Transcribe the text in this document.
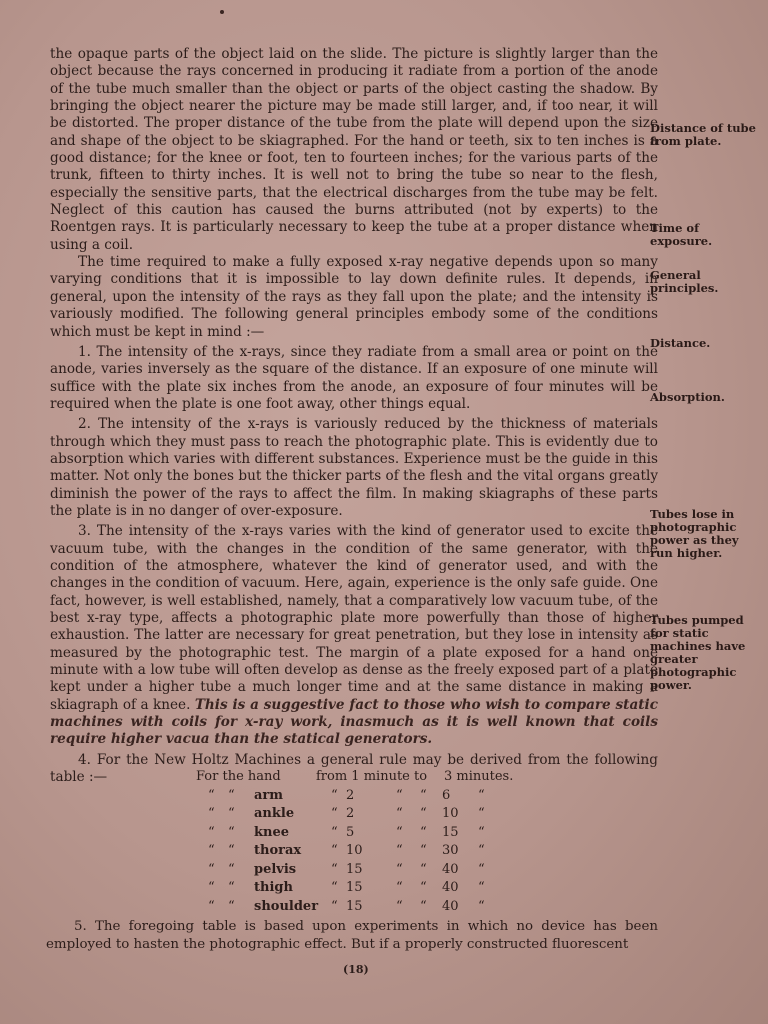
the opaque parts of the object laid on the slide. The picture is slightly larger than the object because the rays concerned in producing it radiate from a portion of the anode of the tube much smaller than the object or parts of the object casting the shadow. By bringing the object nearer the picture may be made still larger, and, if too near, it will be distorted. The proper distance of the tube from the plate will depend upon the size and shape of the object to be skiagraphed. For the hand or teeth, six to ten inches is a good distance; for the knee or foot, ten to fourteen inches; for the various parts of the trunk, fifteen to thirty inches. It is well not to bring the tube so near to the flesh, especially the sensitive parts, that the electrical discharges from the tube may be felt. Neglect of this caution has caused the burns attributed (not by experts) to the Roentgen rays. It is particularly necessary to keep the tube at a proper distance when using a coil.

The time required to make a fully exposed x-ray negative depends upon so many varying conditions that it is impossible to lay down definite rules. It depends, in general, upon the intensity of the rays as they fall upon the plate; and the intensity is variously modified. The following general principles embody some of the conditions which must be kept in mind :—

1. The intensity of the x-rays, since they radiate from a small area or point on the anode, varies inversely as the square of the distance. If an exposure of one minute will suffice with the plate six inches from the anode, an exposure of four minutes will be required when the plate is one foot away, other things equal.

2. The intensity of the x-rays is variously reduced by the thickness of materials through which they must pass to reach the photographic plate. This is evidently due to absorption which varies with different substances. Experience must be the guide in this matter. Not only the bones but the thicker parts of the flesh and the vital organs greatly diminish the power of the rays to affect the film. In making skiagraphs of these parts the plate is in no danger of over-exposure.

3. The intensity of the x-rays varies with the kind of generator used to excite the vacuum tube, with the changes in the condition of the same generator, with the condition of the atmosphere, whatever the kind of generator used, and with the changes in the condition of vacuum. Here, again, experience is the only safe guide. One fact, however, is well established, namely, that a comparatively low vacuum tube, of the best x-ray type, affects a photographic plate more powerfully than those of higher exhaustion. The latter are necessary for great penetration, but they lose in intensity as measured by the photographic test. The margin of a plate exposed for a hand one minute with a low tube will often develop as dense as the freely exposed part of a plate kept under a higher tube a much longer time and at the same distance in making a skiagraph of a knee. This is a suggestive fact to those who wish to compare static machines with coils for x-ray work, inasmuch as it is well known that coils require higher vacua than the statical generators.

4. For the New Holtz Machines a general rule may be derived from the following table :—

Distance of tube from plate.
Time of exposure.
General principles.
Distance.
Absorption.
Tubes lose in photographic power as they run higher.
Tubes pumped for static machines have greater photographic power.
For the hand	from 1 minute to 3 minutes.
“ “ arm	“ 2	“ “ 6 “
“ “ ankle	“ 2	“ “ 10 “
“ “ knee	“ 5	“ “ 15 “
“ “ thorax “ 10	“ “ 30 “
“ “ pelvis	“ 15	“ “ 40 “
“ “ thigh	“ 15	“ “ 40 “
“ “ shoulder “ 15	“ “ 40 “

5. The foregoing table is based upon experiments in which no device has been employed to hasten the photographic effect. But if a properly constructed fluorescent

(18)
